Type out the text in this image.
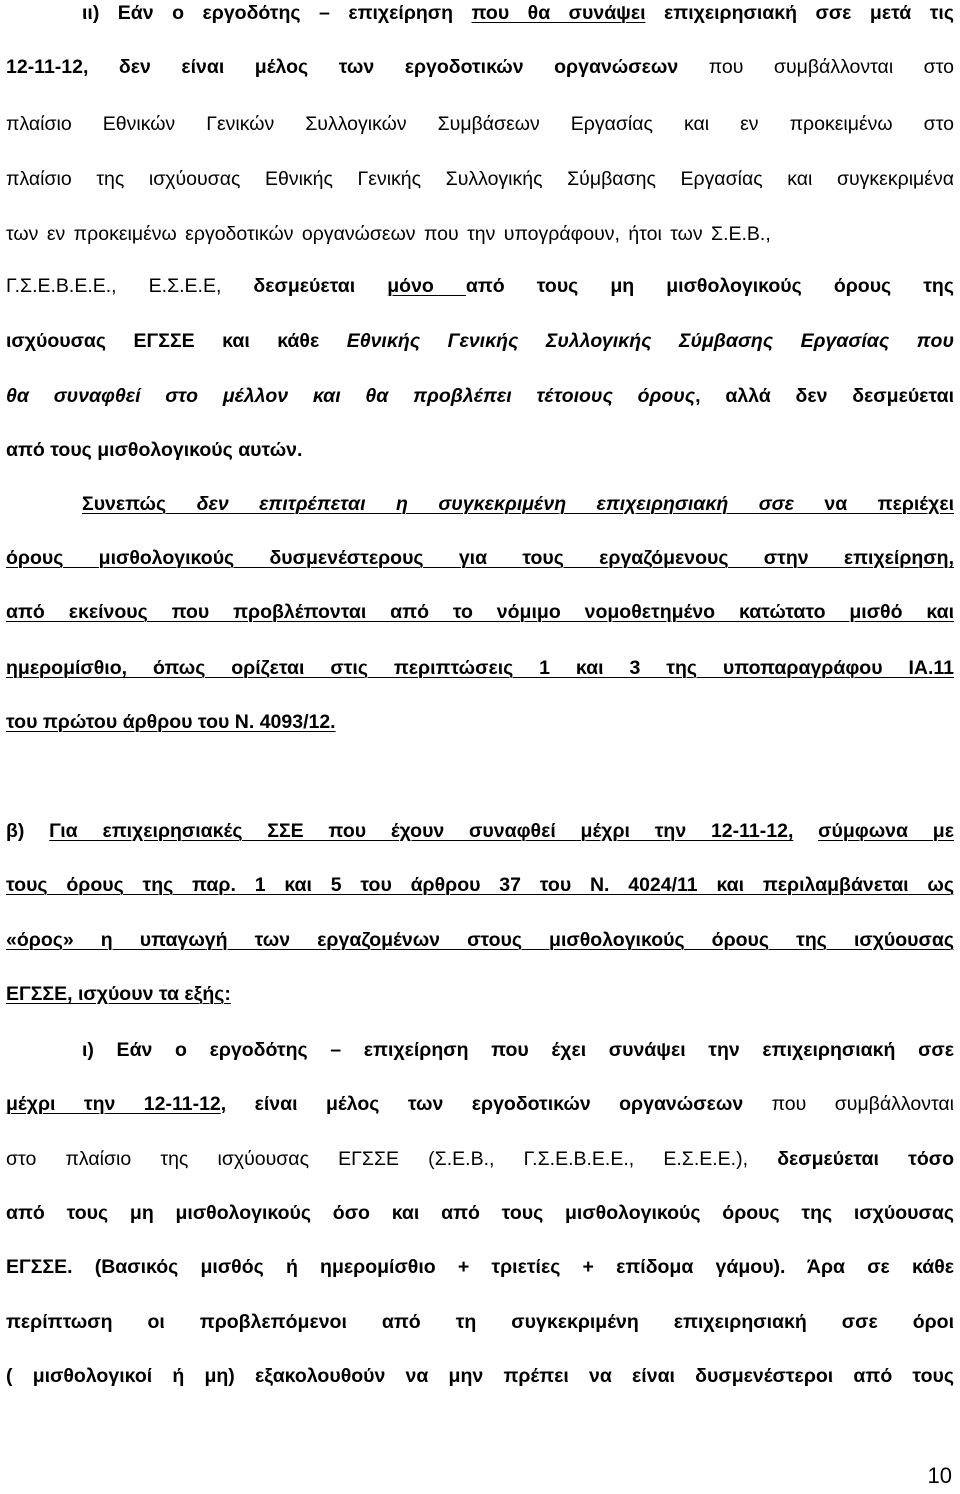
ιι) Εάν ο εργοδότης – επιχείρηση που θα συνάψει επιχειρησιακή σσε μετά τις
12-11-12, δεν είναι μέλος των εργοδοτικών οργανώσεων που συμβάλλονται στο
πλαίσιο Εθνικών Γενικών Συλλογικών Συμβάσεων Εργασίας και εν προκειμένω στο
πλαίσιο της ισχύουσας Εθνικής Γενικής Συλλογικής Σύμβασης Εργασίας και συγκεκριμένα
των εν προκειμένω εργοδοτικών οργανώσεων που την υπογράφουν, ήτοι των Σ.Ε.Β.,
Γ.Σ.Ε.Β.Ε.Ε., Ε.Σ.Ε.Ε, δεσμεύεται μόνο από τους μη μισθολογικούς όρους της
ισχύουσας ΕΓΣΣΕ και κάθε Εθνικής Γενικής Συλλογικής Σύμβασης Εργασίας που
θα συναφθεί στο μέλλον και θα προβλέπει τέτοιους όρους, αλλά δεν δεσμεύεται
από τους μισθολογικούς αυτών.
Συνεπώς δεν επιτρέπεται η συγκεκριμένη επιχειρησιακή σσε να περιέχει
όρους μισθολογικούς δυσμενέστερους για τους εργαζόμενους στην επιχείρηση,
από εκείνους που προβλέπονται από το νόμιμο νομοθετημένο κατώτατο μισθό και
ημερομίσθιο, όπως ορίζεται στις περιπτώσεις 1 και 3 της υποπαραγράφου ΙΑ.11
του πρώτου άρθρου του Ν. 4093/12.
β) Για επιχειρησιακές ΣΣΕ που έχουν συναφθεί μέχρι την 12-11-12, σύμφωνα με
τους όρους της παρ. 1 και 5 του άρθρου 37 του Ν. 4024/11 και περιλαμβάνεται ως
«όρος» η υπαγωγή των εργαζομένων στους μισθολογικούς όρους της ισχύουσας
ΕΓΣΣΕ, ισχύουν τα εξής:
ι) Εάν ο εργοδότης – επιχείρηση που έχει συνάψει την επιχειρησιακή σσε
μέχρι την 12-11-12, είναι μέλος των εργοδοτικών οργανώσεων που συμβάλλονται
στο πλαίσιο της ισχύουσας ΕΓΣΣΕ (Σ.Ε.Β., Γ.Σ.Ε.Β.Ε.Ε., Ε.Σ.Ε.Ε.), δεσμεύεται τόσο
από τους μη μισθολογικούς όσο και από τους μισθολογικούς όρους της ισχύουσας
ΕΓΣΣΕ. (Βασικός μισθός ή ημερομίσθιο + τριετίες + επίδομα γάμου). Άρα σε κάθε
περίπτωση οι προβλεπόμενοι από τη συγκεκριμένη επιχειρησιακή σσε όροι
( μισθολογικοί ή μη) εξακολουθούν να μην πρέπει να είναι δυσμενέστεροι από τους
10
